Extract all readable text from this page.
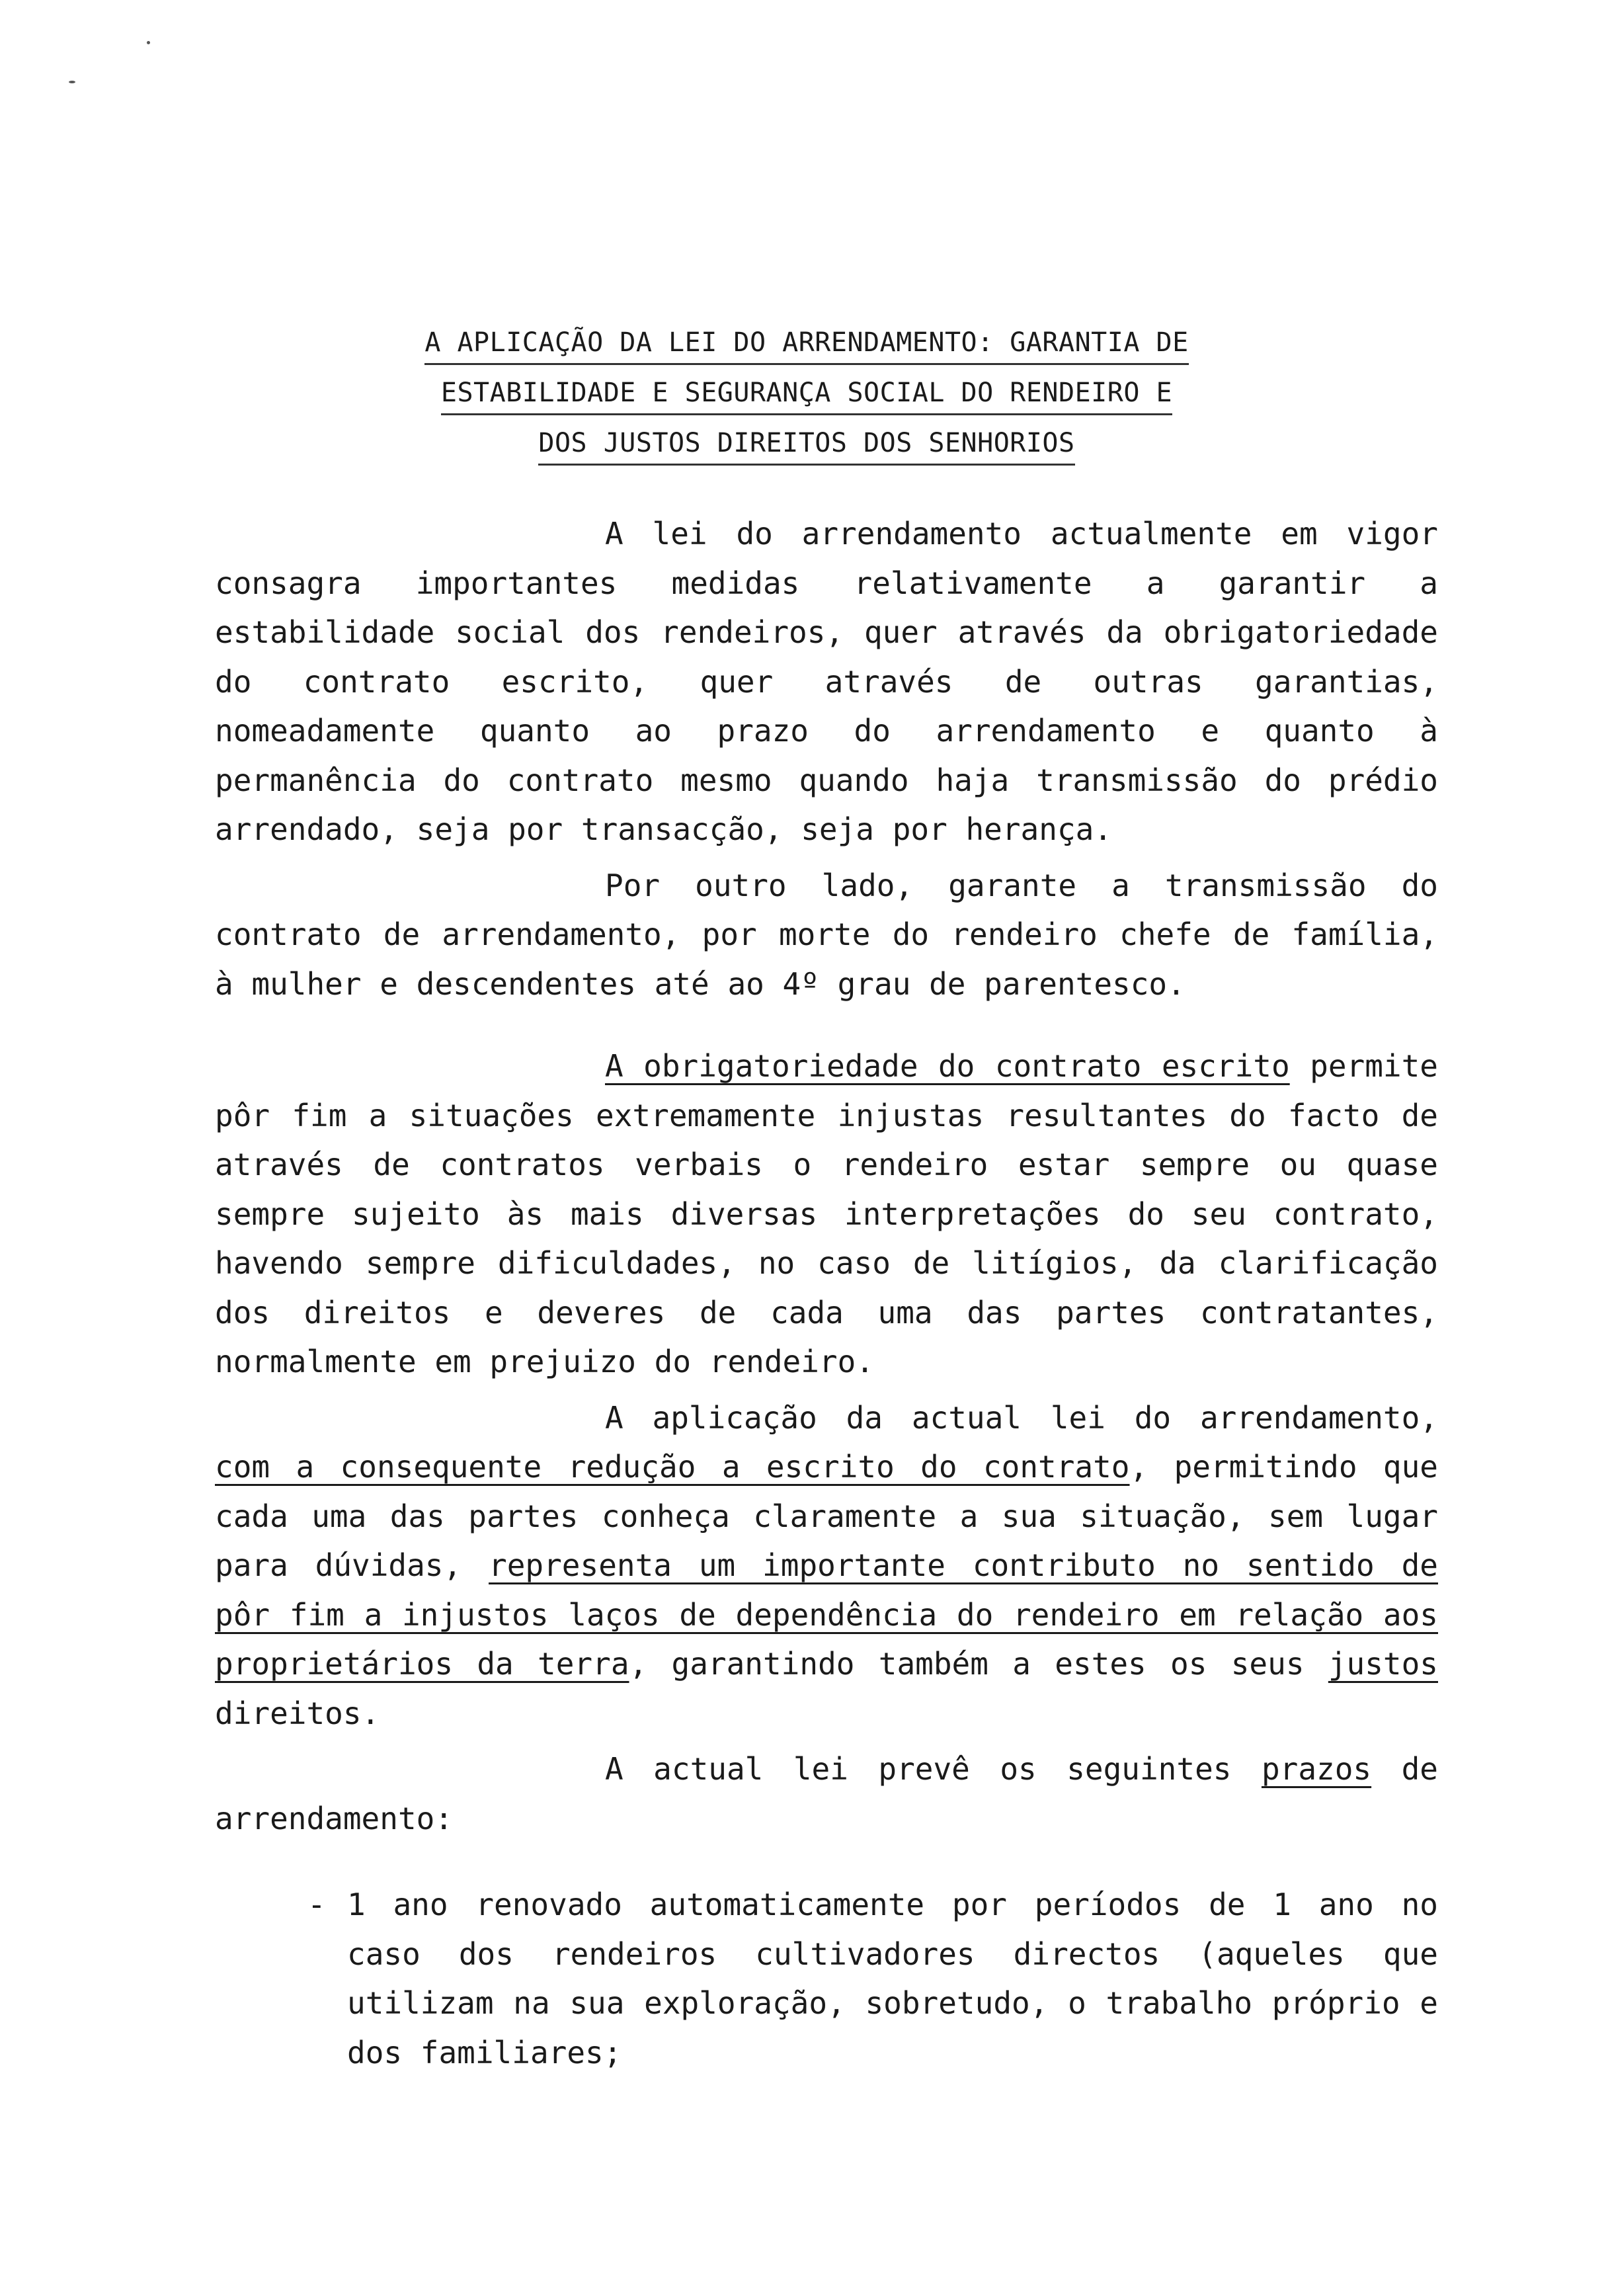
A APLICAÇÃO DA LEI DO ARRENDAMENTO: GARANTIA DE
ESTABILIDADE E SEGURANÇA SOCIAL DO RENDEIRO E
DOS JUSTOS DIREITOS DOS SENHORIOS

A lei do arrendamento actualmente em vigor consagra importantes medidas relativamente a garantir a estabilidade social dos rendeiros, quer através da obrigatoriedade do contrato escrito, quer através de outras garantias, nomeadamente quanto ao prazo do arrendamento e quanto à permanência do contrato mesmo quando haja transmissão do prédio arrendado, seja por transacção, seja por herança.

Por outro lado, garante a transmissão do contrato de arrendamento, por morte do rendeiro chefe de família, à mulher e descendentes até ao 4º grau de parentesco.

A obrigatoriedade do contrato escrito permite pôr fim a situações extremamente injustas resultantes do facto de através de contratos verbais o rendeiro estar sempre ou quase sempre sujeito às mais diversas interpretações do seu contrato, havendo sempre dificuldades, no caso de litígios, da clarificação dos direitos e deveres de cada uma das partes contratantes, normalmente em prejuizo do rendeiro.

A aplicação da actual lei do arrendamento, com a consequente redução a escrito do contrato, permitindo que cada uma das partes conheça claramente a sua situação, sem lugar para dúvidas, representa um importante contributo no sentido de pôr fim a injustos laços de dependência do rendeiro em relação aos proprietários da terra, garantindo também a estes os seus justos direitos.

A actual lei prevê os seguintes prazos de arrendamento:

- 1 ano renovado automaticamente por períodos de 1 ano no caso dos rendeiros cultivadores directos (aqueles que utilizam na sua exploração, sobretudo, o trabalho próprio e dos familiares;
